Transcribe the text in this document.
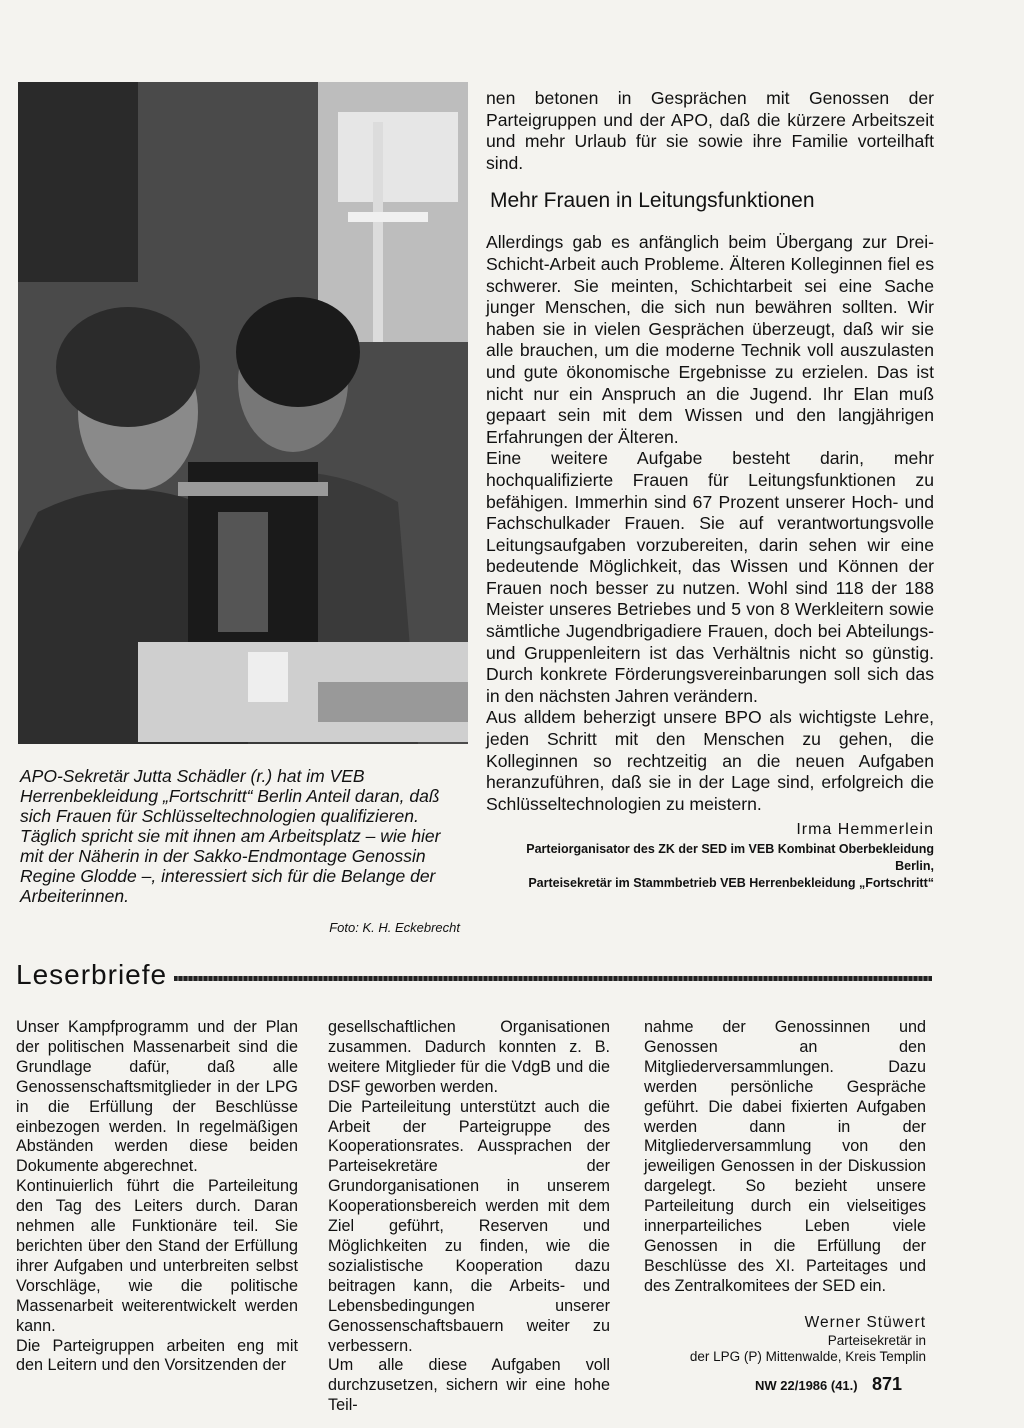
APO-Sekretär Jutta Schädler (r.) hat im VEB Herrenbekleidung „Fortschritt“ Berlin Anteil daran, daß sich Frauen für Schlüsseltechnologien qualifizieren. Täglich spricht sie mit ihnen am Arbeitsplatz – wie hier mit der Näherin in der Sakko-Endmontage Genossin Regine Glodde –, interessiert sich für die Belange der Arbeiterinnen.

Foto: K. H. Eckebrecht

nen betonen in Gesprächen mit Genossen der Parteigruppen und der APO, daß die kürzere Arbeitszeit und mehr Urlaub für sie sowie ihre Familie vorteilhaft sind.

Mehr Frauen in Leitungsfunktionen

Allerdings gab es anfänglich beim Übergang zur Drei-Schicht-Arbeit auch Probleme. Älteren Kolleginnen fiel es schwerer. Sie meinten, Schichtarbeit sei eine Sache junger Menschen, die sich nun bewähren sollten. Wir haben sie in vielen Gesprächen überzeugt, daß wir sie alle brauchen, um die moderne Technik voll auszulasten und gute ökonomische Ergebnisse zu erzielen. Das ist nicht nur ein Anspruch an die Jugend. Ihr Elan muß gepaart sein mit dem Wissen und den langjährigen Erfahrungen der Älteren.

Eine weitere Aufgabe besteht darin, mehr hochqualifizierte Frauen für Leitungsfunktionen zu befähigen. Immerhin sind 67 Prozent unserer Hoch- und Fachschulkader Frauen. Sie auf verantwortungsvolle Leitungsaufgaben vorzubereiten, darin sehen wir eine bedeutende Möglichkeit, das Wissen und Können der Frauen noch besser zu nutzen. Wohl sind 118 der 188 Meister unseres Betriebes und 5 von 8 Werkleitern sowie sämtliche Jugendbrigadiere Frauen, doch bei Abteilungs- und Gruppenleitern ist das Verhältnis nicht so günstig. Durch konkrete Förderungsvereinbarungen soll sich das in den nächsten Jahren verändern.

Aus alldem beherzigt unsere BPO als wichtigste Lehre, jeden Schritt mit den Menschen zu gehen, die Kolleginnen so rechtzeitig an die neuen Aufgaben heranzuführen, daß sie in der Lage sind, erfolgreich die Schlüsseltechnologien zu meistern.

Irma Hemmerlein

Parteiorganisator des ZK der SED im VEB Kombinat Oberbekleidung Berlin,

Parteisekretär im Stammbetrieb VEB Herrenbekleidung „Fortschritt“

Leserbriefe

Unser Kampfprogramm und der Plan der politischen Massenarbeit sind die Grundlage dafür, daß alle Genossenschaftsmitglieder in der LPG in die Erfüllung der Beschlüsse einbezogen werden. In regelmäßigen Abständen werden diese beiden Dokumente abgerechnet.

Kontinuierlich führt die Parteileitung den Tag des Leiters durch. Daran nehmen alle Funktionäre teil. Sie berichten über den Stand der Erfüllung ihrer Aufgaben und unterbreiten selbst Vorschläge, wie die politische Massenarbeit weiterentwickelt werden kann.

Die Parteigruppen arbeiten eng mit den Leitern und den Vorsitzenden der

gesellschaftlichen Organisationen zusammen. Dadurch konnten z. B. weitere Mitglieder für die VdgB und die DSF geworben werden.

Die Parteileitung unterstützt auch die Arbeit der Parteigruppe des Kooperationsrates. Aussprachen der Parteisekretäre der Grundorganisationen in unserem Kooperationsbereich werden mit dem Ziel geführt, Reserven und Möglichkeiten zu finden, wie die sozialistische Kooperation dazu beitragen kann, die Arbeits- und Lebensbedingungen unserer Genossenschaftsbauern weiter zu verbessern.

Um alle diese Aufgaben voll durchzusetzen, sichern wir eine hohe Teil-

nahme der Genossinnen und Genossen an den Mitgliederversammlungen. Dazu werden persönliche Gespräche geführt. Die dabei fixierten Aufgaben werden dann in der Mitgliederversammlung von den jeweiligen Genossen in der Diskussion dargelegt. So bezieht unsere Parteileitung durch ein vielseitiges innerparteiliches Leben viele Genossen in die Erfüllung der Beschlüsse des XI. Parteitages und des Zentralkomitees der SED ein.

Werner Stüwert

Parteisekretär in

der LPG (P) Mittenwalde, Kreis Templin

NW 22/1986 (41.) 871
